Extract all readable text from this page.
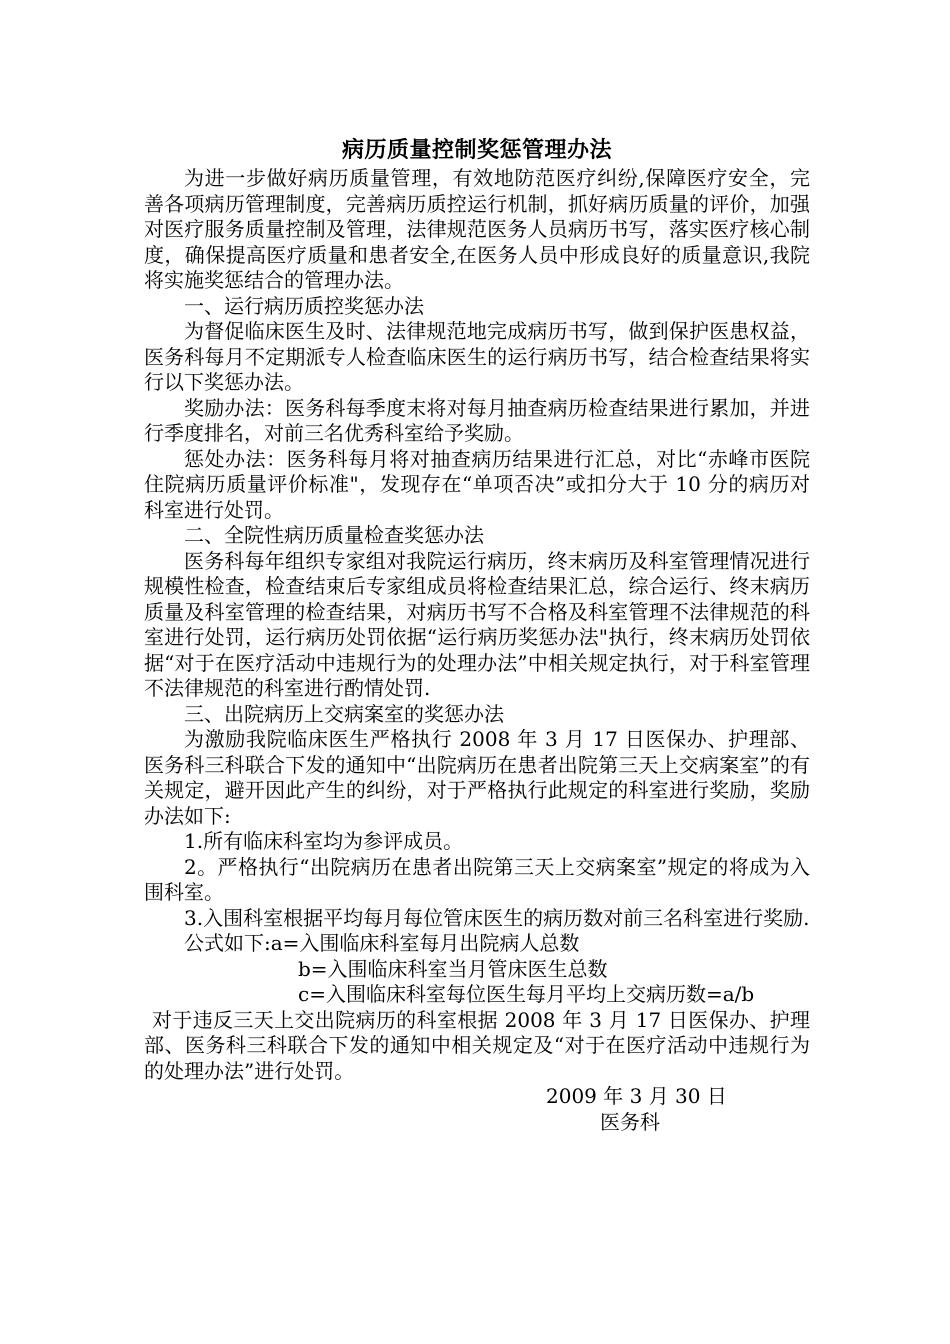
病历质量控制奖惩管理办法

为进一步做好病历质量管理，有效地防范医疗纠纷,保障医疗安全，完善各项病历管理制度，完善病历质控运行机制，抓好病历质量的评价，加强对医疗服务质量控制及管理，法律规范医务人员病历书写，落实医疗核心制度，确保提高医疗质量和患者安全,在医务人员中形成良好的质量意识,我院将实施奖惩结合的管理办法。

一、运行病历质控奖惩办法

为督促临床医生及时、法律规范地完成病历书写，做到保护医患权益，医务科每月不定期派专人检查临床医生的运行病历书写，结合检查结果将实行以下奖惩办法。

奖励办法：医务科每季度末将对每月抽查病历检查结果进行累加，并进行季度排名，对前三名优秀科室给予奖励。

惩处办法：医务科每月将对抽查病历结果进行汇总，对比“赤峰市医院住院病历质量评价标准"，发现存在“单项否决”或扣分大于 10 分的病历对科室进行处罚。

二、全院性病历质量检查奖惩办法

医务科每年组织专家组对我院运行病历，终末病历及科室管理情况进行规模性检查，检查结束后专家组成员将检查结果汇总，综合运行、终末病历质量及科室管理的检查结果，对病历书写不合格及科室管理不法律规范的科室进行处罚，运行病历处罚依据“运行病历奖惩办法"执行，终末病历处罚依据“对于在医疗活动中违规行为的处理办法”中相关规定执行，对于科室管理不法律规范的科室进行酌情处罚.

三、出院病历上交病案室的奖惩办法

为激励我院临床医生严格执行 2008 年 3 月 17 日医保办、护理部、医务科三科联合下发的通知中“出院病历在患者出院第三天上交病案室”的有关规定，避开因此产生的纠纷，对于严格执行此规定的科室进行奖励，奖励办法如下:

1.所有临床科室均为参评成员。

2。严格执行“出院病历在患者出院第三天上交病案室”规定的将成为入围科室。

3.入围科室根据平均每月每位管床医生的病历数对前三名科室进行奖励.

公式如下:a=入围临床科室每月出院病人总数

b=入围临床科室当月管床医生总数

c=入围临床科室每位医生每月平均上交病历数=a/b

对于违反三天上交出院病历的科室根据 2008 年 3 月 17 日医保办、护理部、医务科三科联合下发的通知中相关规定及“对于在医疗活动中违规行为的处理办法”进行处罚。

2009 年 3 月 30 日

医务科
